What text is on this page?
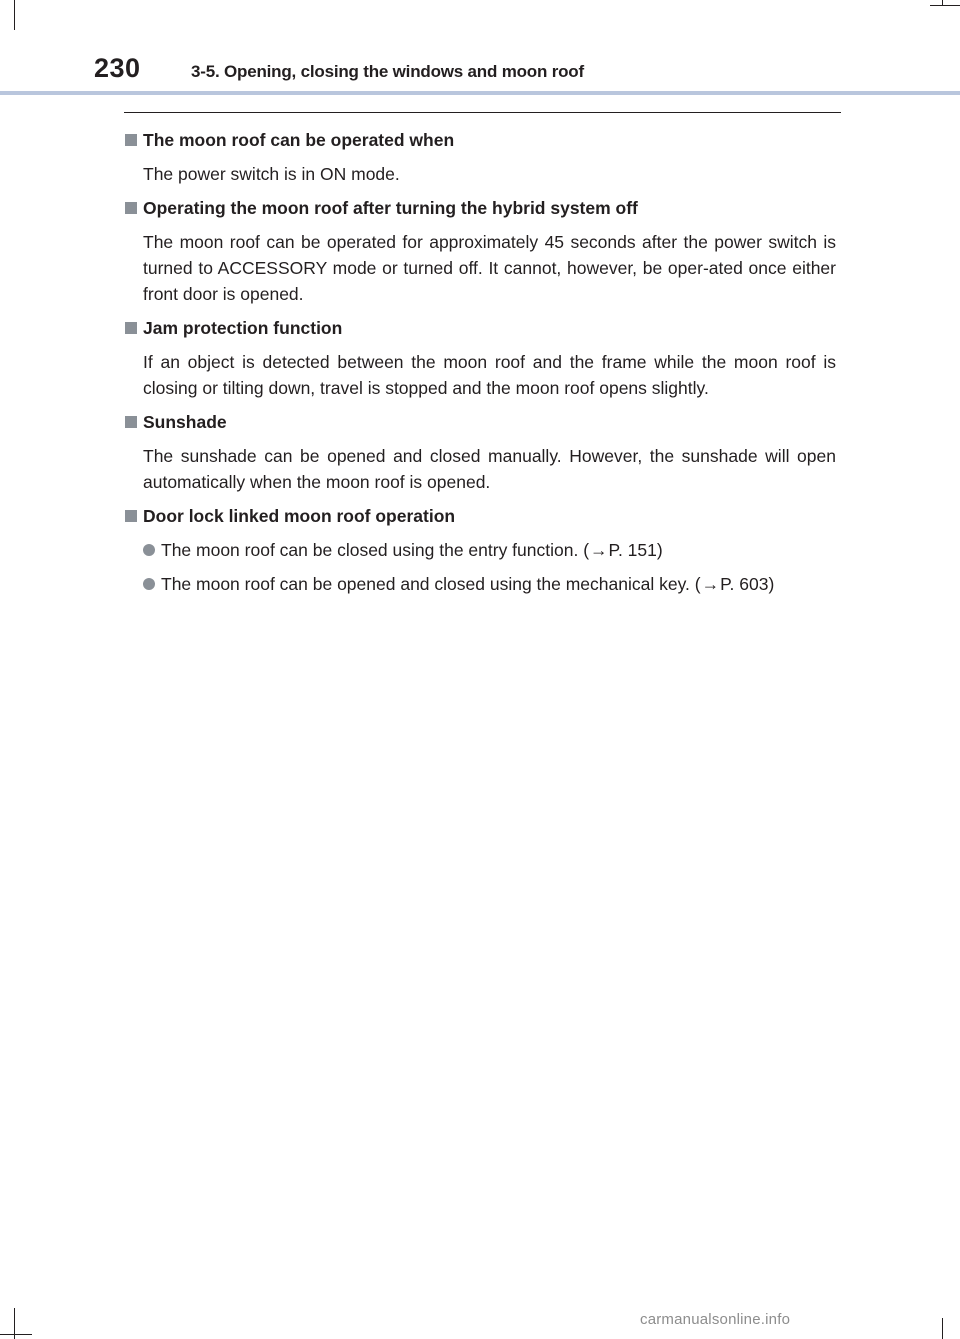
230	3-5. Opening, closing the windows and moon roof
The moon roof can be operated when
The power switch is in ON mode.
Operating the moon roof after turning the hybrid system off
The moon roof can be operated for approximately 45 seconds after the power switch is turned to ACCESSORY mode or turned off. It cannot, however, be oper-ated once either front door is opened.
Jam protection function
If an object is detected between the moon roof and the frame while the moon roof is closing or tilting down, travel is stopped and the moon roof opens slightly.
Sunshade
The sunshade can be opened and closed manually. However, the sunshade will open automatically when the moon roof is opened.
Door lock linked moon roof operation
The moon roof can be closed using the entry function. (→P. 151)
The moon roof can be opened and closed using the mechanical key. (→P. 603)
carmanualsonline.info
